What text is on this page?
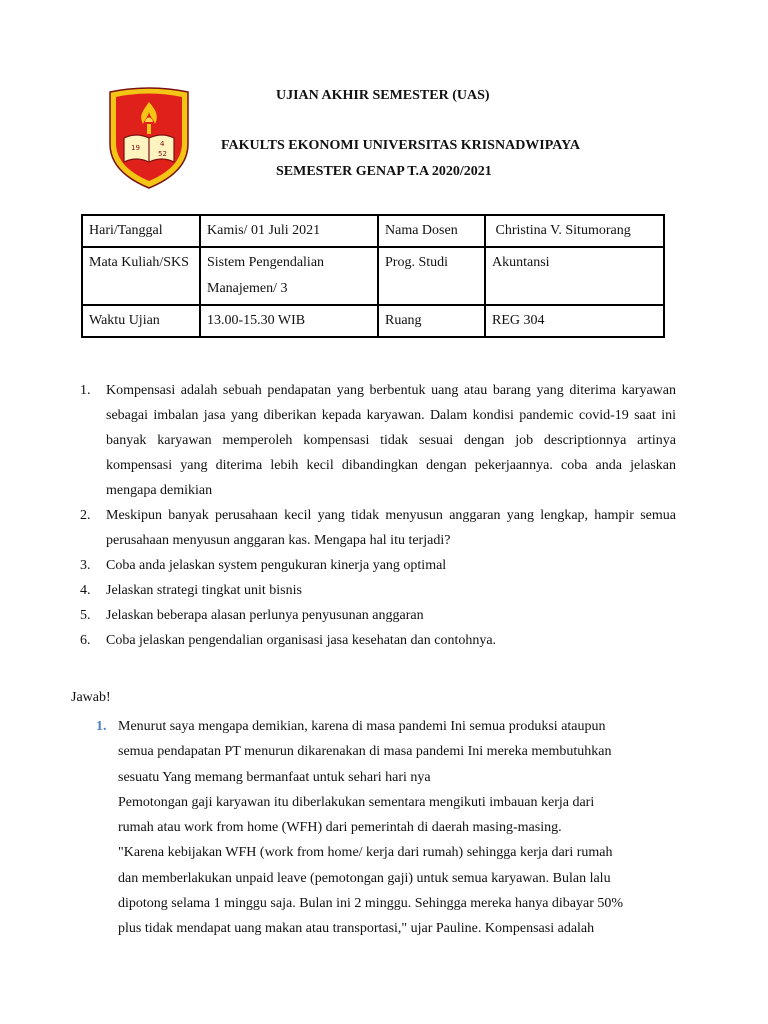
19	4
52
UJIAN AKHIR SEMESTER (UAS)
FAKULTS EKONOMI UNIVERSITAS KRISNADWIPAYA
SEMESTER GENAP T.A 2020/2021
Hari/Tanggal	Kamis/ 01 Juli 2021	Nama Dosen	Christina V. Situmorang
Mata Kuliah/SKS	Sistem Pengendalian Manajemen/ 3	Prog. Studi	Akuntansi
Waktu Ujian	13.00-15.30 WIB	Ruang	REG 304
1.	Kompensasi adalah sebuah pendapatan yang berbentuk uang atau barang yang diterima karyawan sebagai imbalan jasa yang diberikan kepada karyawan. Dalam kondisi pandemic covid-19 saat ini banyak karyawan memperoleh kompensasi tidak sesuai dengan job descriptionnya artinya kompensasi yang diterima lebih kecil dibandingkan dengan pekerjaannya. coba anda jelaskan mengapa demikian
2.	Meskipun banyak perusahaan kecil yang tidak menyusun anggaran yang lengkap, hampir semua perusahaan menyusun anggaran kas. Mengapa hal itu terjadi?
3.	Coba anda jelaskan system pengukuran kinerja yang optimal
4.	Jelaskan strategi tingkat unit bisnis
5.	Jelaskan beberapa alasan perlunya penyusunan anggaran
6.	Coba jelaskan pengendalian organisasi jasa kesehatan dan contohnya.
Jawab!
1. Menurut saya mengapa demikian, karena di masa pandemi Ini semua produksi ataupun
semua pendapatan PT menurun dikarenakan di masa pandemi Ini mereka membutuhkan
sesuatu Yang memang bermanfaat untuk sehari hari nya
Pemotongan gaji karyawan itu diberlakukan sementara mengikuti imbauan kerja dari
rumah atau work from home (WFH) dari pemerintah di daerah masing-masing.
"Karena kebijakan WFH (work from home/ kerja dari rumah) sehingga kerja dari rumah
dan memberlakukan unpaid leave (pemotongan gaji) untuk semua karyawan. Bulan lalu
dipotong selama 1 minggu saja. Bulan ini 2 minggu. Sehingga mereka hanya dibayar 50%
plus tidak mendapat uang makan atau transportasi," ujar Pauline. Kompensasi adalah
